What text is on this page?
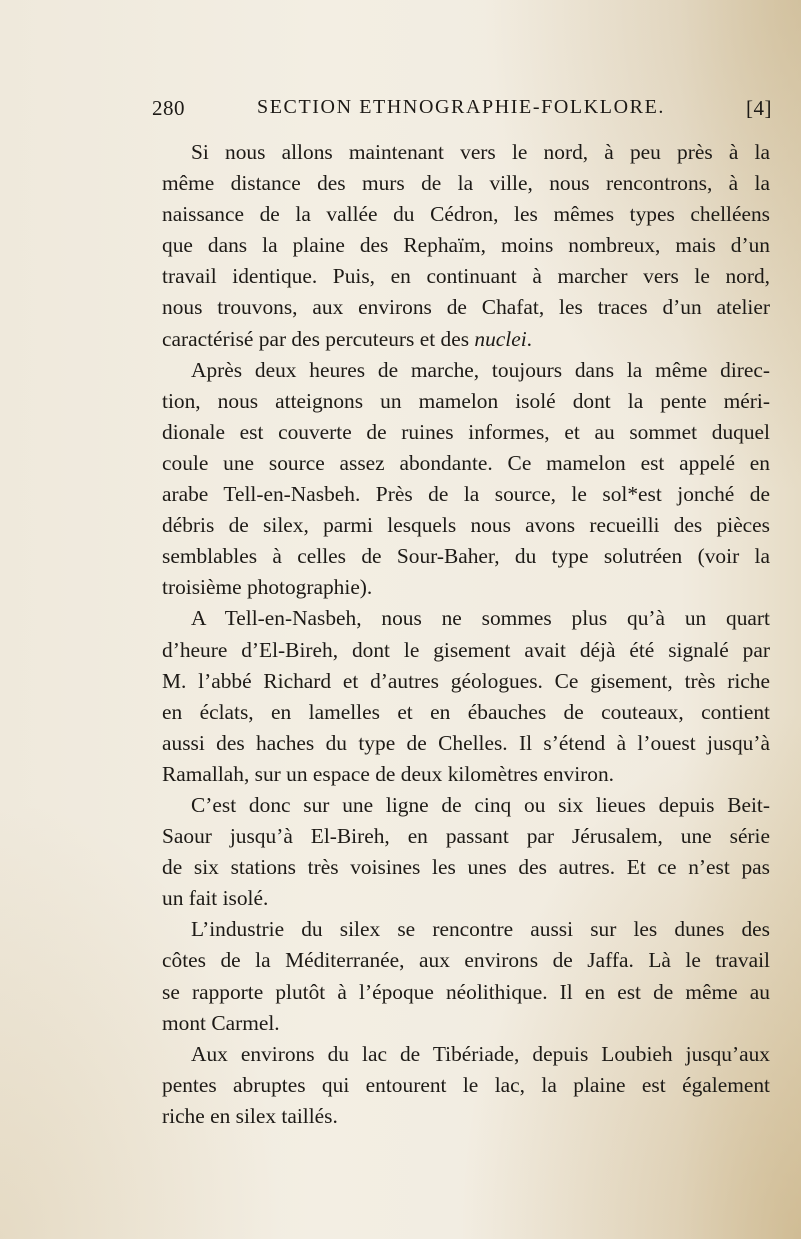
280	SECTION ETHNOGRAPHIE-FOLKLORE.	[4]
Si nous allons maintenant vers le nord, à peu près à la
même distance des murs de la ville, nous rencontrons, à la
naissance de la vallée du Cédron, les mêmes types chelléens
que dans la plaine des Rephaïm, moins nombreux, mais d’un
travail identique. Puis, en continuant à marcher vers le nord,
nous trouvons, aux environs de Chafat, les traces d’un atelier
caractérisé par des percuteurs et des nuclei.
Après deux heures de marche, toujours dans la même direc-
tion, nous atteignons un mamelon isolé dont la pente méri-
dionale est couverte de ruines informes, et au sommet duquel
coule une source assez abondante. Ce mamelon est appelé en
arabe Tell-en-Nasbeh. Près de la source, le sol*est jonché de
débris de silex, parmi lesquels nous avons recueilli des pièces
semblables à celles de Sour-Baher, du type solutréen (voir la
troisième photographie).
A Tell-en-Nasbeh, nous ne sommes plus qu’à un quart
d’heure d’El-Bireh, dont le gisement avait déjà été signalé par
M. l’abbé Richard et d’autres géologues. Ce gisement, très riche
en éclats, en lamelles et en ébauches de couteaux, contient
aussi des haches du type de Chelles. Il s’étend à l’ouest jusqu’à
Ramallah, sur un espace de deux kilomètres environ.
C’est donc sur une ligne de cinq ou six lieues depuis Beit-
Saour jusqu’à El-Bireh, en passant par Jérusalem, une série
de six stations très voisines les unes des autres. Et ce n’est pas
un fait isolé.
L’industrie du silex se rencontre aussi sur les dunes des
côtes de la Méditerranée, aux environs de Jaffa. Là le travail
se rapporte plutôt à l’époque néolithique. Il en est de même au
mont Carmel.
Aux environs du lac de Tibériade, depuis Loubieh jusqu’aux
pentes abruptes qui entourent le lac, la plaine est également
riche en silex taillés.
